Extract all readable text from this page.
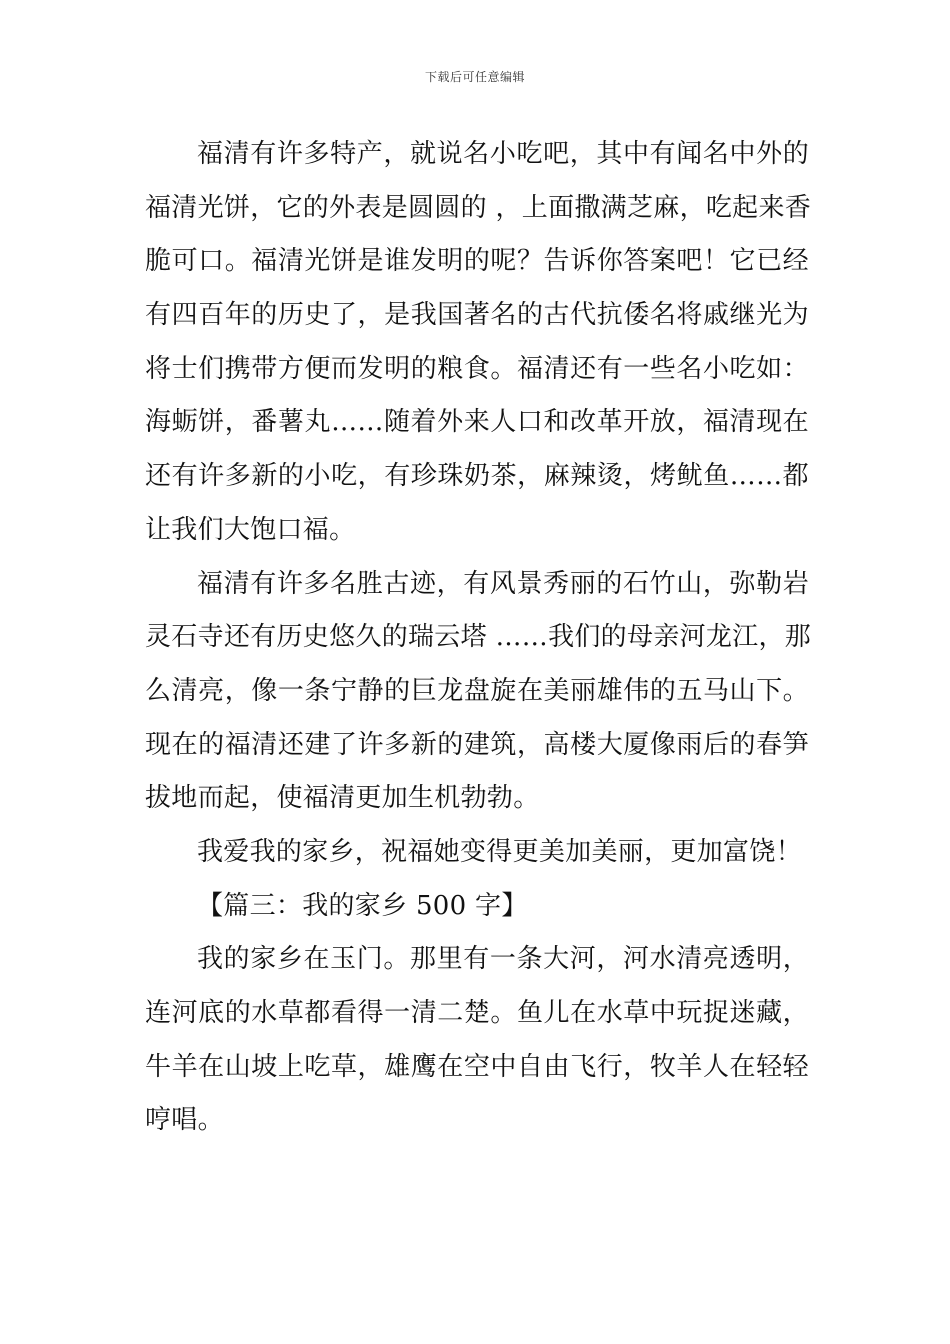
下载后可任意编辑
福清有许多特产，就说名小吃吧，其中有闻名中外的
福清光饼，它的外表是圆圆的 ，上面撒满芝麻，吃起来香
脆可口。福清光饼是谁发明的呢？告诉你答案吧！它已经
有四百年的历史了，是我国著名的古代抗倭名将戚继光为
将士们携带方便而发明的粮食。福清还有一些名小吃如：
海蛎饼，番薯丸……随着外来人口和改革开放，福清现在
还有许多新的小吃，有珍珠奶茶，麻辣烫，烤鱿鱼……都
让我们大饱口福。
福清有许多名胜古迹，有风景秀丽的石竹山，弥勒岩
灵石寺还有历史悠久的瑞云塔 ……我们的母亲河龙江，那
么清亮，像一条宁静的巨龙盘旋在美丽雄伟的五马山下。
现在的福清还建了许多新的建筑，高楼大厦像雨后的春笋
拔地而起，使福清更加生机勃勃。
我爱我的家乡，祝福她变得更美加美丽，更加富饶！
【篇三：我的家乡 500 字】
我的家乡在玉门。那里有一条大河，河水清亮透明，
连河底的水草都看得一清二楚。鱼儿在水草中玩捉迷藏，
牛羊在山坡上吃草，雄鹰在空中自由飞行，牧羊人在轻轻
哼唱。
